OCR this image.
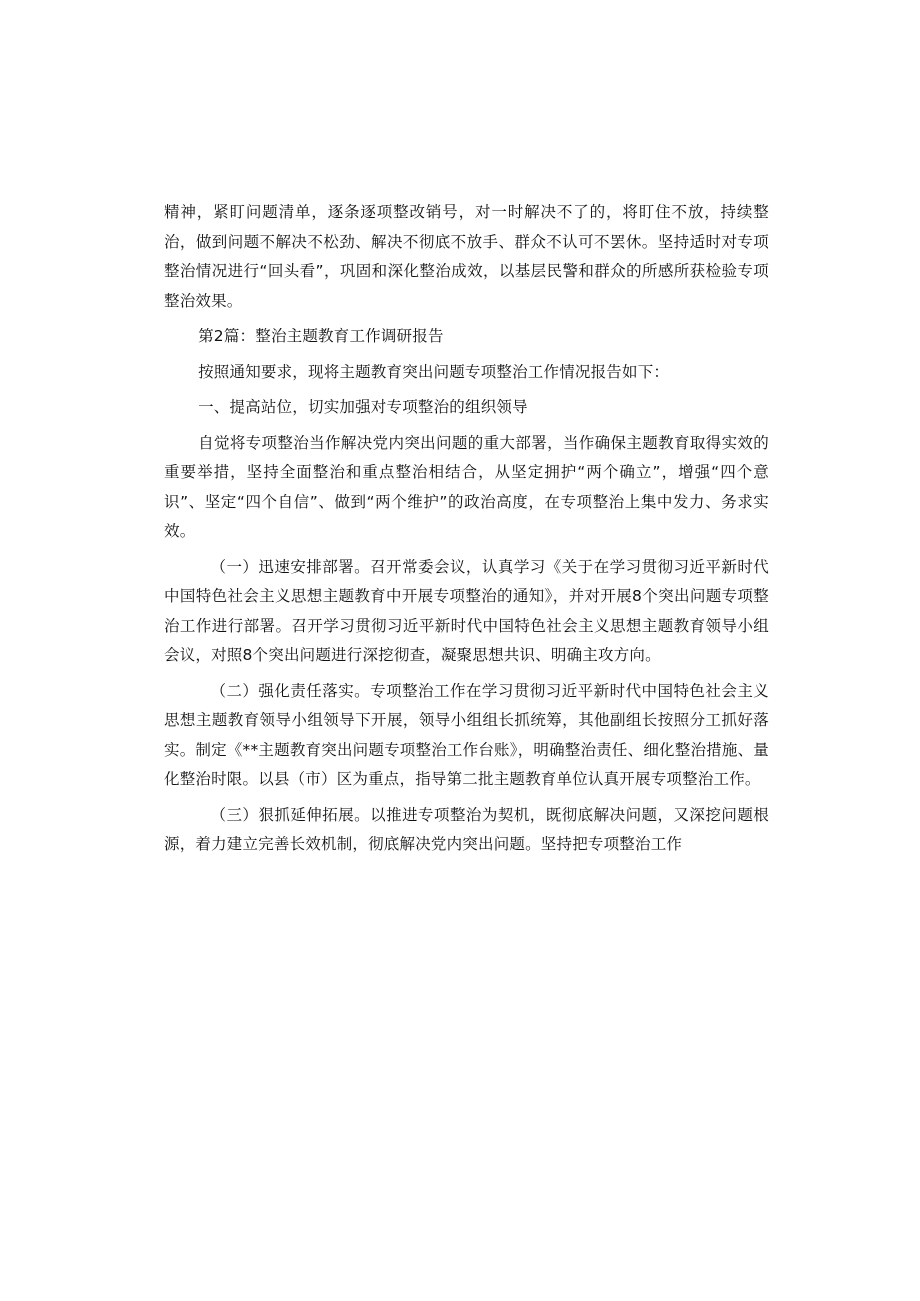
精神，紧盯问题清单，逐条逐项整改销号，对一时解决不了的，将盯住不放，持续整治，做到问题不解决不松劲、解决不彻底不放手、群众不认可不罢休。坚持适时对专项整治情况进行“回头看”，巩固和深化整治成效，以基层民警和群众的所感所获检验专项整治效果。

第2篇：整治主题教育工作调研报告

按照通知要求，现将主题教育突出问题专项整治工作情况报告如下：

一、提高站位，切实加强对专项整治的组织领导

自觉将专项整治当作解决党内突出问题的重大部署，当作确保主题教育取得实效的重要举措，坚持全面整治和重点整治相结合，从坚定拥护“两个确立”，增强“四个意识”、坚定“四个自信”、做到“两个维护”的政治高度，在专项整治上集中发力、务求实效。

（一）迅速安排部署。召开常委会议，认真学习《关于在学习贯彻习近平新时代中国特色社会主义思想主题教育中开展专项整治的通知》，并对开展8个突出问题专项整治工作进行部署。召开学习贯彻习近平新时代中国特色社会主义思想主题教育领导小组会议，对照8个突出问题进行深挖彻查，凝聚思想共识、明确主攻方向。

（二）强化责任落实。专项整治工作在学习贯彻习近平新时代中国特色社会主义思想主题教育领导小组领导下开展，领导小组组长抓统筹，其他副组长按照分工抓好落实。制定《**主题教育突出问题专项整治工作台账》，明确整治责任、细化整治措施、量化整治时限。以县（市）区为重点，指导第二批主题教育单位认真开展专项整治工作。

（三）狠抓延伸拓展。以推进专项整治为契机，既彻底解决问题，又深挖问题根源，着力建立完善长效机制，彻底解决党内突出问题。坚持把专项整治工作
